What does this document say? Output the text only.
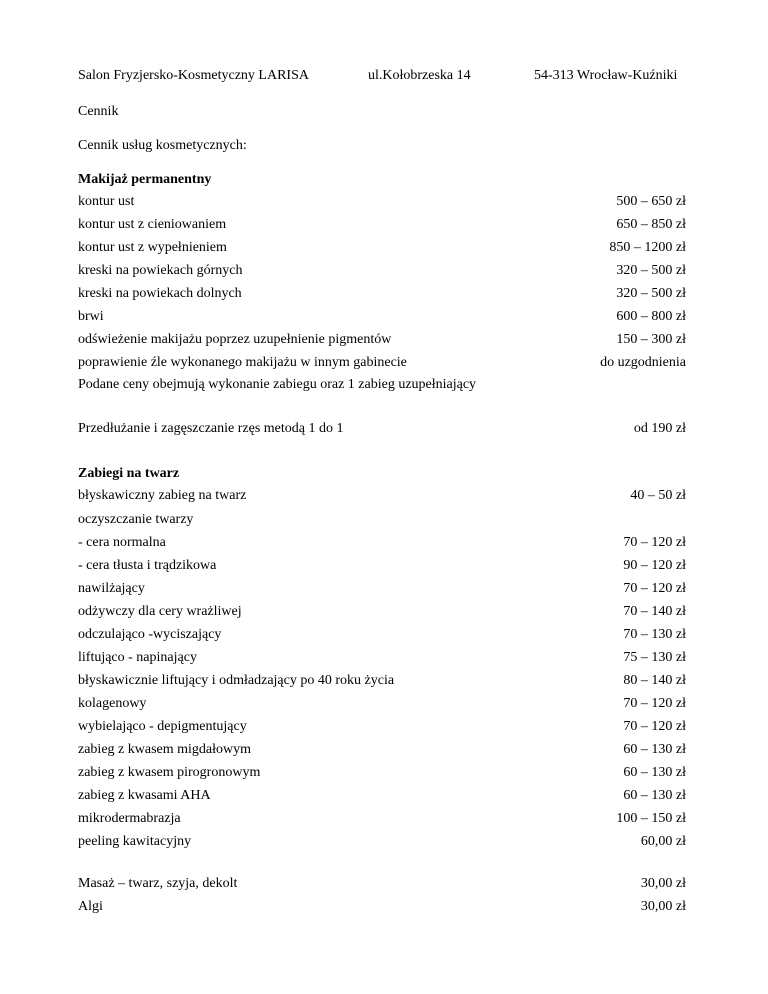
Salon Fryzjersko-Kosmetyczny LARISA	ul.Kołobrzeska 14	54-313 Wrocław-Kuźniki
Cennik
Cennik usług kosmetycznych:
Makijaż permanentny
kontur ust	500 – 650 zł
kontur ust z cieniowaniem	650 – 850 zł
kontur ust z wypełnieniem	850 – 1200 zł
kreski na powiekach górnych	320 – 500 zł
kreski na powiekach dolnych	320 – 500 zł
brwi	600 – 800 zł
odświeżenie makijażu poprzez uzupełnienie pigmentów	150 – 300 zł
poprawienie źle wykonanego makijażu w innym gabinecie	do uzgodnienia
Podane ceny obejmują wykonanie zabiegu oraz 1 zabieg uzupełniający
Przedłużanie i zagęszczanie rzęs metodą 1 do 1	od 190 zł
Zabiegi na twarz
błyskawiczny zabieg na twarz	40 – 50 zł
oczyszczanie twarzy
- cera normalna	70 – 120 zł
- cera tłusta i trądzikowa	90 – 120 zł
nawilżający	70 – 120 zł
odżywczy dla cery wrażliwej	70 – 140 zł
odczulająco -wyciszający	70 – 130 zł
liftująco - napinający	75 – 130 zł
błyskawicznie liftujący i odmładzający po 40 roku życia	80 – 140 zł
kolagenowy	70 – 120 zł
wybielająco - depigmentujący	70 – 120 zł
zabieg z kwasem migdałowym	60 – 130 zł
zabieg z kwasem pirogronowym	60 – 130 zł
zabieg z kwasami AHA	60 – 130 zł
mikrodermabrazja	100 – 150 zł
peeling kawitacyjny	60,00 zł
Masaż – twarz, szyja, dekolt	30,00 zł
Algi	30,00 zł
